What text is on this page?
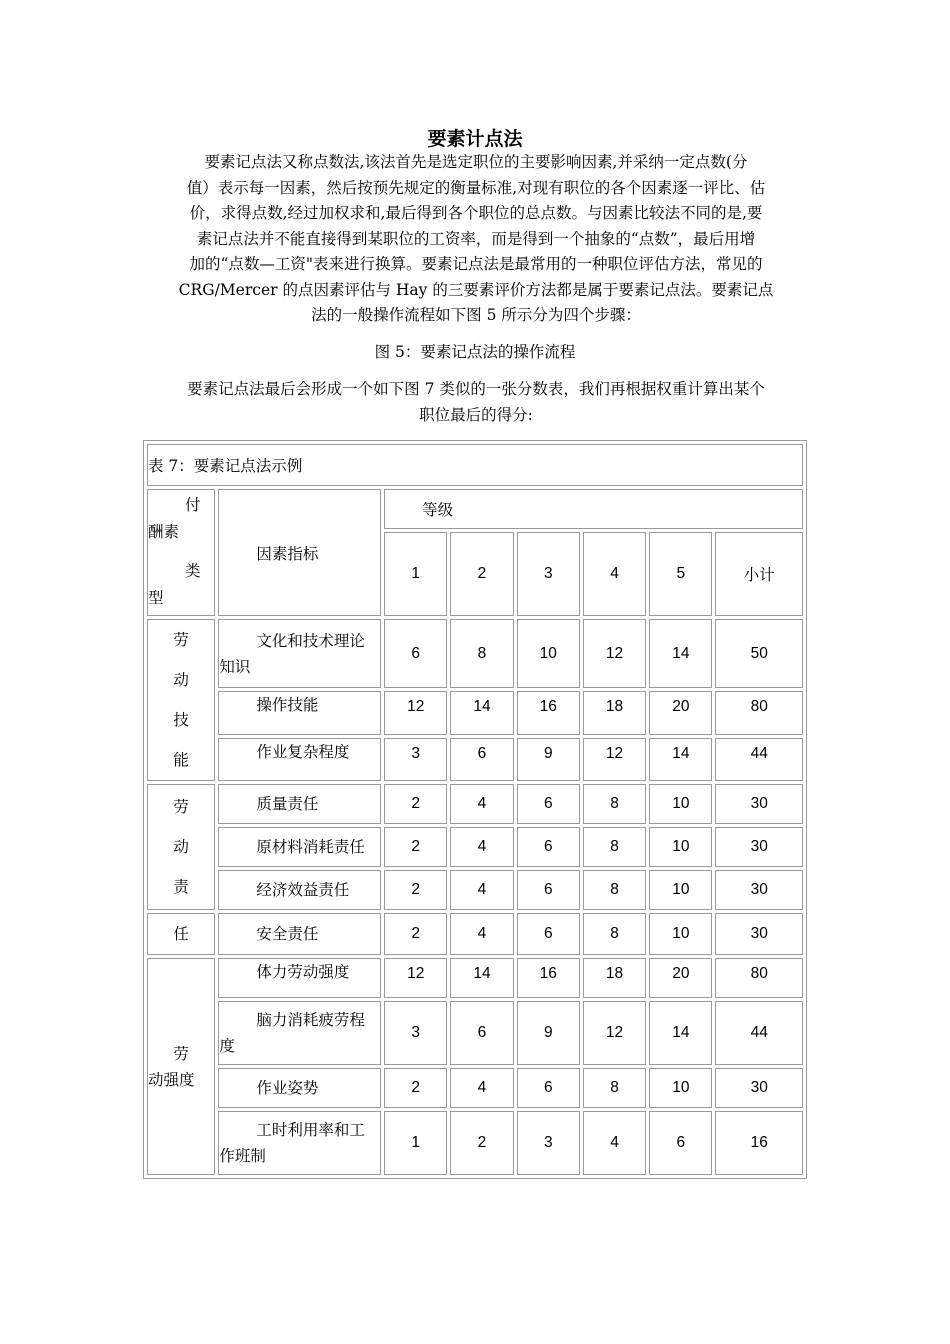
要素计点法
要素记点法又称点数法,该法首先是选定职位的主要影响因素,并采纳一定点数(分
值）表示每一因素，然后按预先规定的衡量标准,对现有职位的各个因素逐一评比、估
价，求得点数,经过加权求和,最后得到各个职位的总点数。与因素比较法不同的是,要
素记点法并不能直接得到某职位的工资率，而是得到一个抽象的“点数”，最后用增
加的“点数—工资"表来进行换算。要素记点法是最常用的一种职位评估方法，常见的
CRG/Mercer 的点因素评估与 Hay 的三要素评价方法都是属于要素记点法。要素记点
法的一般操作流程如下图 5 所示分为四个步骤：
图 5：要素记点法的操作流程
要素记点法最后会形成一个如下图 7 类似的一张分数表，我们再根据权重计算出某个
职位最后的得分:
表 7：要素记点法示例							

付
酬素
类
型	因素指标	等级					
		1	2	3	4	5	小计

劳
动
技
能	文化和技术理论
知识	6	8	10	12	14	50
	操作技能	12	14	16	18	20	80
	作业复杂程度	3	6	9	12	14	44

劳
动
责	质量责任	2	4	6	8	10	30
	原材料消耗责任	2	4	6	8	10	30
	经济效益责任	2	4	6	8	10	30

任	安全责任	2	4	6	8	10	30

劳
动强度	体力劳动强度	12	14	16	18	20	80
	脑力消耗疲劳程
度	3	6	9	12	14	44
	作业姿势	2	4	6	8	10	30
	工时利用率和工
作班制	1	2	3	4	6	16
